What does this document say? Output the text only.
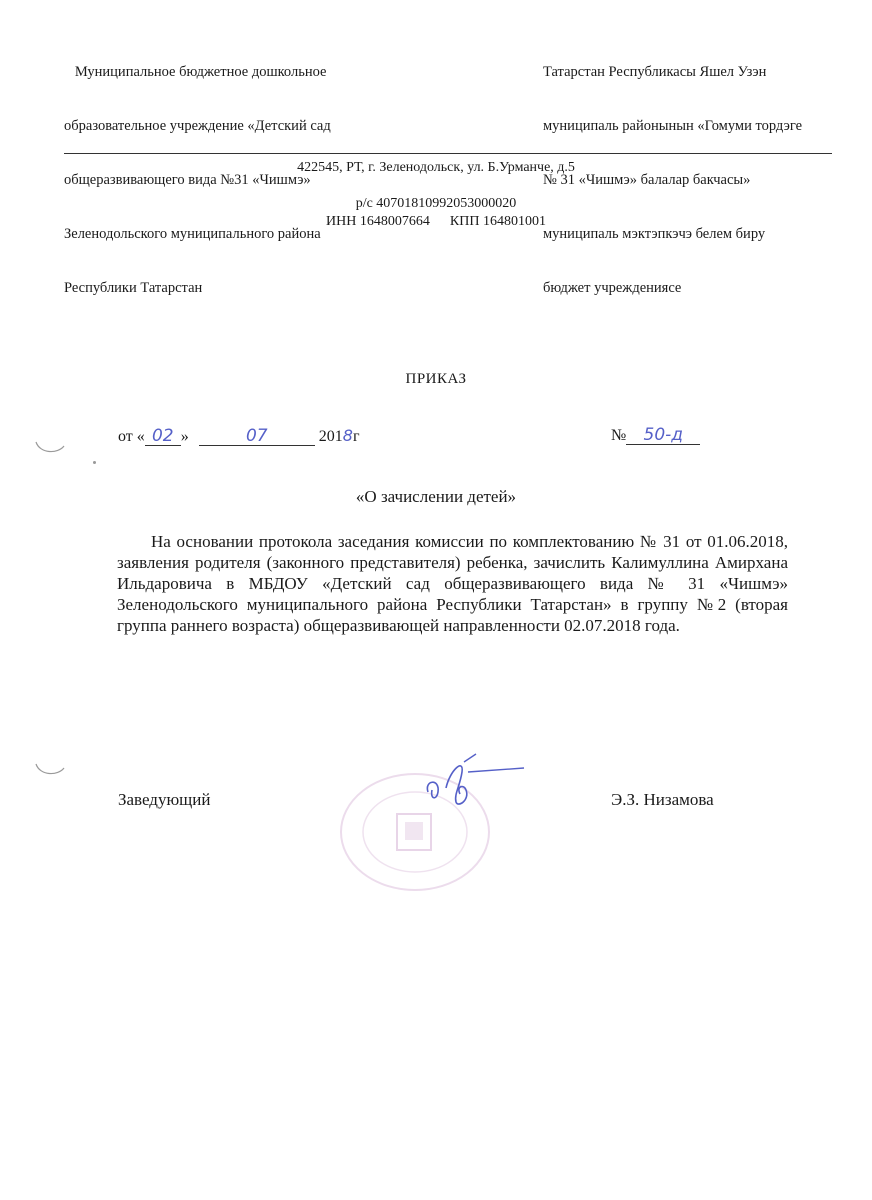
Муниципальное бюджетное дошкольное

образовательное учреждение «Детский сад

общеразвивающего вида №31 «Чишмэ»

Зеленодольского муниципального района

Республики Татарстан

Татарстан Республикасы Яшел Узэн

муниципаль районынын «Гомуми тордэге

№ 31 «Чишмэ» балалар бакчасы»

муниципаль мэктэпкэчэ белем биру

бюджет учреждениясе

422545, РТ, г. Зеленодольск, ул. Б.Урманче, д.5
р/с 40701810992053000020
ИНН 1648007664 КПП 164801001
ПРИКАЗ
от « 02 »	07	2018г	№ 50-д
«О зачислении детей»
На основании протокола заседания комиссии по комплектованию № 31 от 01.06.2018, заявления родителя (законного представителя) ребенка, зачислить Калимуллина Амирхана Ильдаровича в МБДОУ «Детский сад общеразвивающего вида № 31 «Чишмэ» Зеленодольского муниципального района Республики Татарстан» в группу №2 (вторая группа раннего возраста) общеразвивающей направленности 02.07.2018 года.
Заведующий	Э.З. Низамова
